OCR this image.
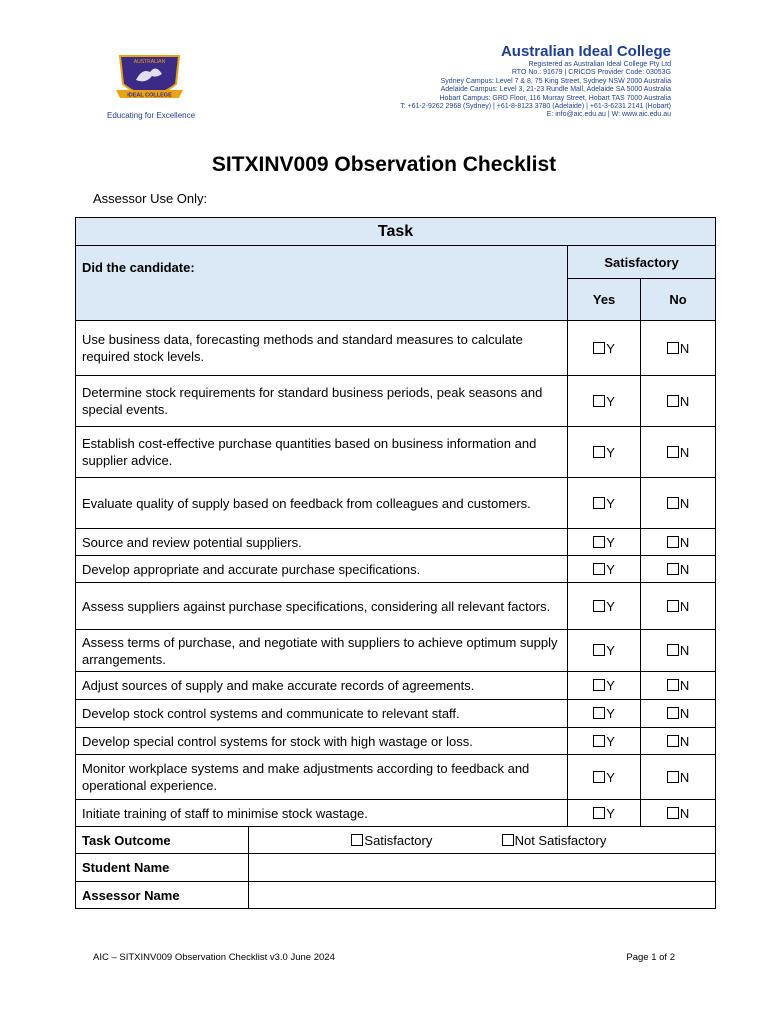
AUSTRALIAN
IDEAL COLLEGE
Educating for Excellence
Australian Ideal College
Registered as Australian Ideal College Pty Ltd
RTO No.: 91679 | CRICOS Provider Code: 03053G
Sydney Campus: Level 7 & 8, 75 King Street, Sydney NSW 2000 Australia
Adelaide Campus: Level 3, 21-23 Rundle Mall, Adelaide SA 5000 Australia
Hobart Campus: GRD Floor, 116 Murray Street, Hobart TAS 7000 Australia
T: +61-2-9262 2968 (Sydney) | +61-8-8123 3780 (Adelaide) | +61-3-6231 2141 (Hobart)
E: info@aic.edu.au | W: www.aic.edu.au
SITXINV009 Observation Checklist
Assessor Use Only:
Task			
Did the candidate:		Satisfactory	
		Yes	No
Use business data, forecasting methods and standard measures to calculate required stock levels.		Y	N
Determine stock requirements for standard business periods, peak seasons and special events.		Y	N
Establish cost-effective purchase quantities based on business information and supplier advice.		Y	N
Evaluate quality of supply based on feedback from colleagues and customers.		Y	N
Source and review potential suppliers.		Y	N
Develop appropriate and accurate purchase specifications.		Y	N
Assess suppliers against purchase specifications, considering all relevant factors.		Y	N
Assess terms of purchase, and negotiate with suppliers to achieve optimum supply arrangements.		Y	N
Adjust sources of supply and make accurate records of agreements.		Y	N
Develop stock control systems and communicate to relevant staff.		Y	N
Develop special control systems for stock with high wastage or loss.		Y	N
Monitor workplace systems and make adjustments according to feedback and operational experience.		Y	N
Initiate training of staff to minimise stock wastage.		Y	N
Task Outcome	Satisfactory Not Satisfactory		
Student Name			
Assessor Name			
AIC – SITXINV009 Observation Checklist v3.0 June 2024	Page 1 of 2
